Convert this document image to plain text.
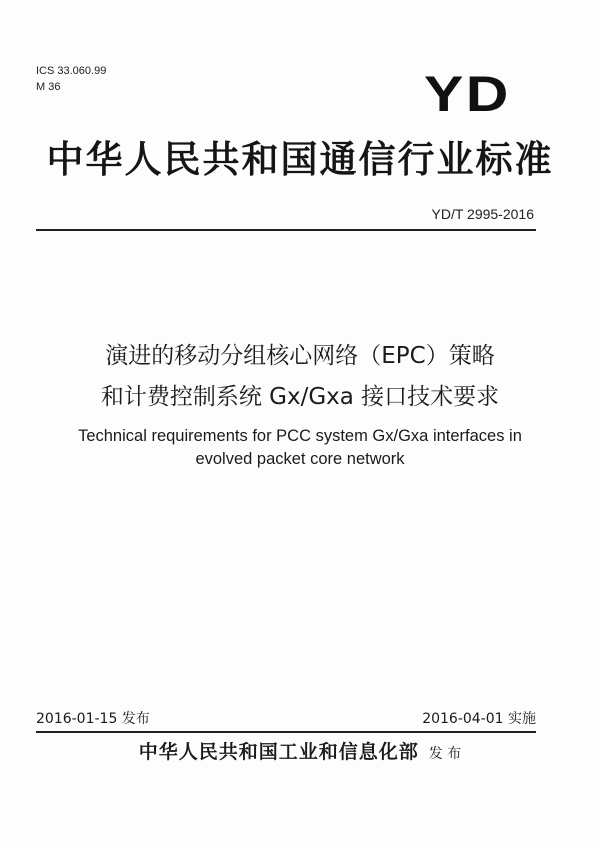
ICS 33.060.99
M 36	YD
中华人民共和国通信行业标准
YD/T 2995-2016
演进的移动分组核心网络（EPC）策略
和计费控制系统 Gx/Gxa 接口技术要求
Technical requirements for PCC system Gx/Gxa interfaces in
evolved packet core network
2016-01-15 发布	2016-04-01 实施
中华人民共和国工业和信息化部 发 布
